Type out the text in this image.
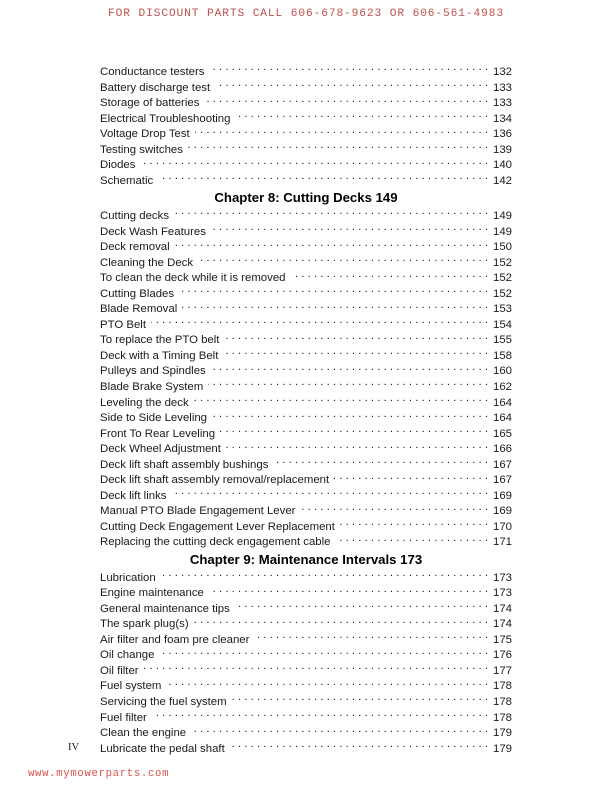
FOR DISCOUNT PARTS CALL 606-678-9623 OR 606-561-4983
Conductance testers . . .	132
Battery discharge test . . .	133
Storage of batteries . . .	133
Electrical Troubleshooting . . .	134
Voltage Drop Test . . .	136
Testing switches . . .	139
Diodes . . .	140
Schematic . . .	142
Chapter 8: Cutting Decks 149
Cutting decks . . .	149
Deck Wash Features . . .	149
Deck removal . . .	150
Cleaning the Deck . . .	152
To clean the deck while it is removed . . .	152
Cutting Blades . . .	152
Blade Removal . . .	153
PTO Belt . . .	154
To replace the PTO belt . . .	155
Deck with a Timing Belt . . .	158
Pulleys and Spindles . . .	160
Blade Brake System . . .	162
Leveling the deck . . .	164
Side to Side Leveling . . .	164
Front To Rear Leveling . . .	165
Deck Wheel Adjustment . . .	166
Deck lift shaft assembly bushings . . .	167
Deck lift shaft assembly removal/replacement . . .	167
Deck lift links . . .	169
Manual PTO Blade Engagement Lever . . .	169
Cutting Deck Engagement Lever Replacement . . .	170
Replacing the cutting deck engagement cable . . .	171
Chapter 9: Maintenance Intervals 173
Lubrication . . .	173
Engine maintenance . . .	173
General maintenance tips . . .	174
The spark plug(s) . . .	174
Air filter and foam pre cleaner . . .	175
Oil change . . .	176
Oil filter . . .	177
Fuel system . . .	178
Servicing the fuel system . . .	178
Fuel filter . . .	178
Clean the engine . . .	179
Lubricate the pedal shaft . . .	179
IV
www.mymowerparts.com
